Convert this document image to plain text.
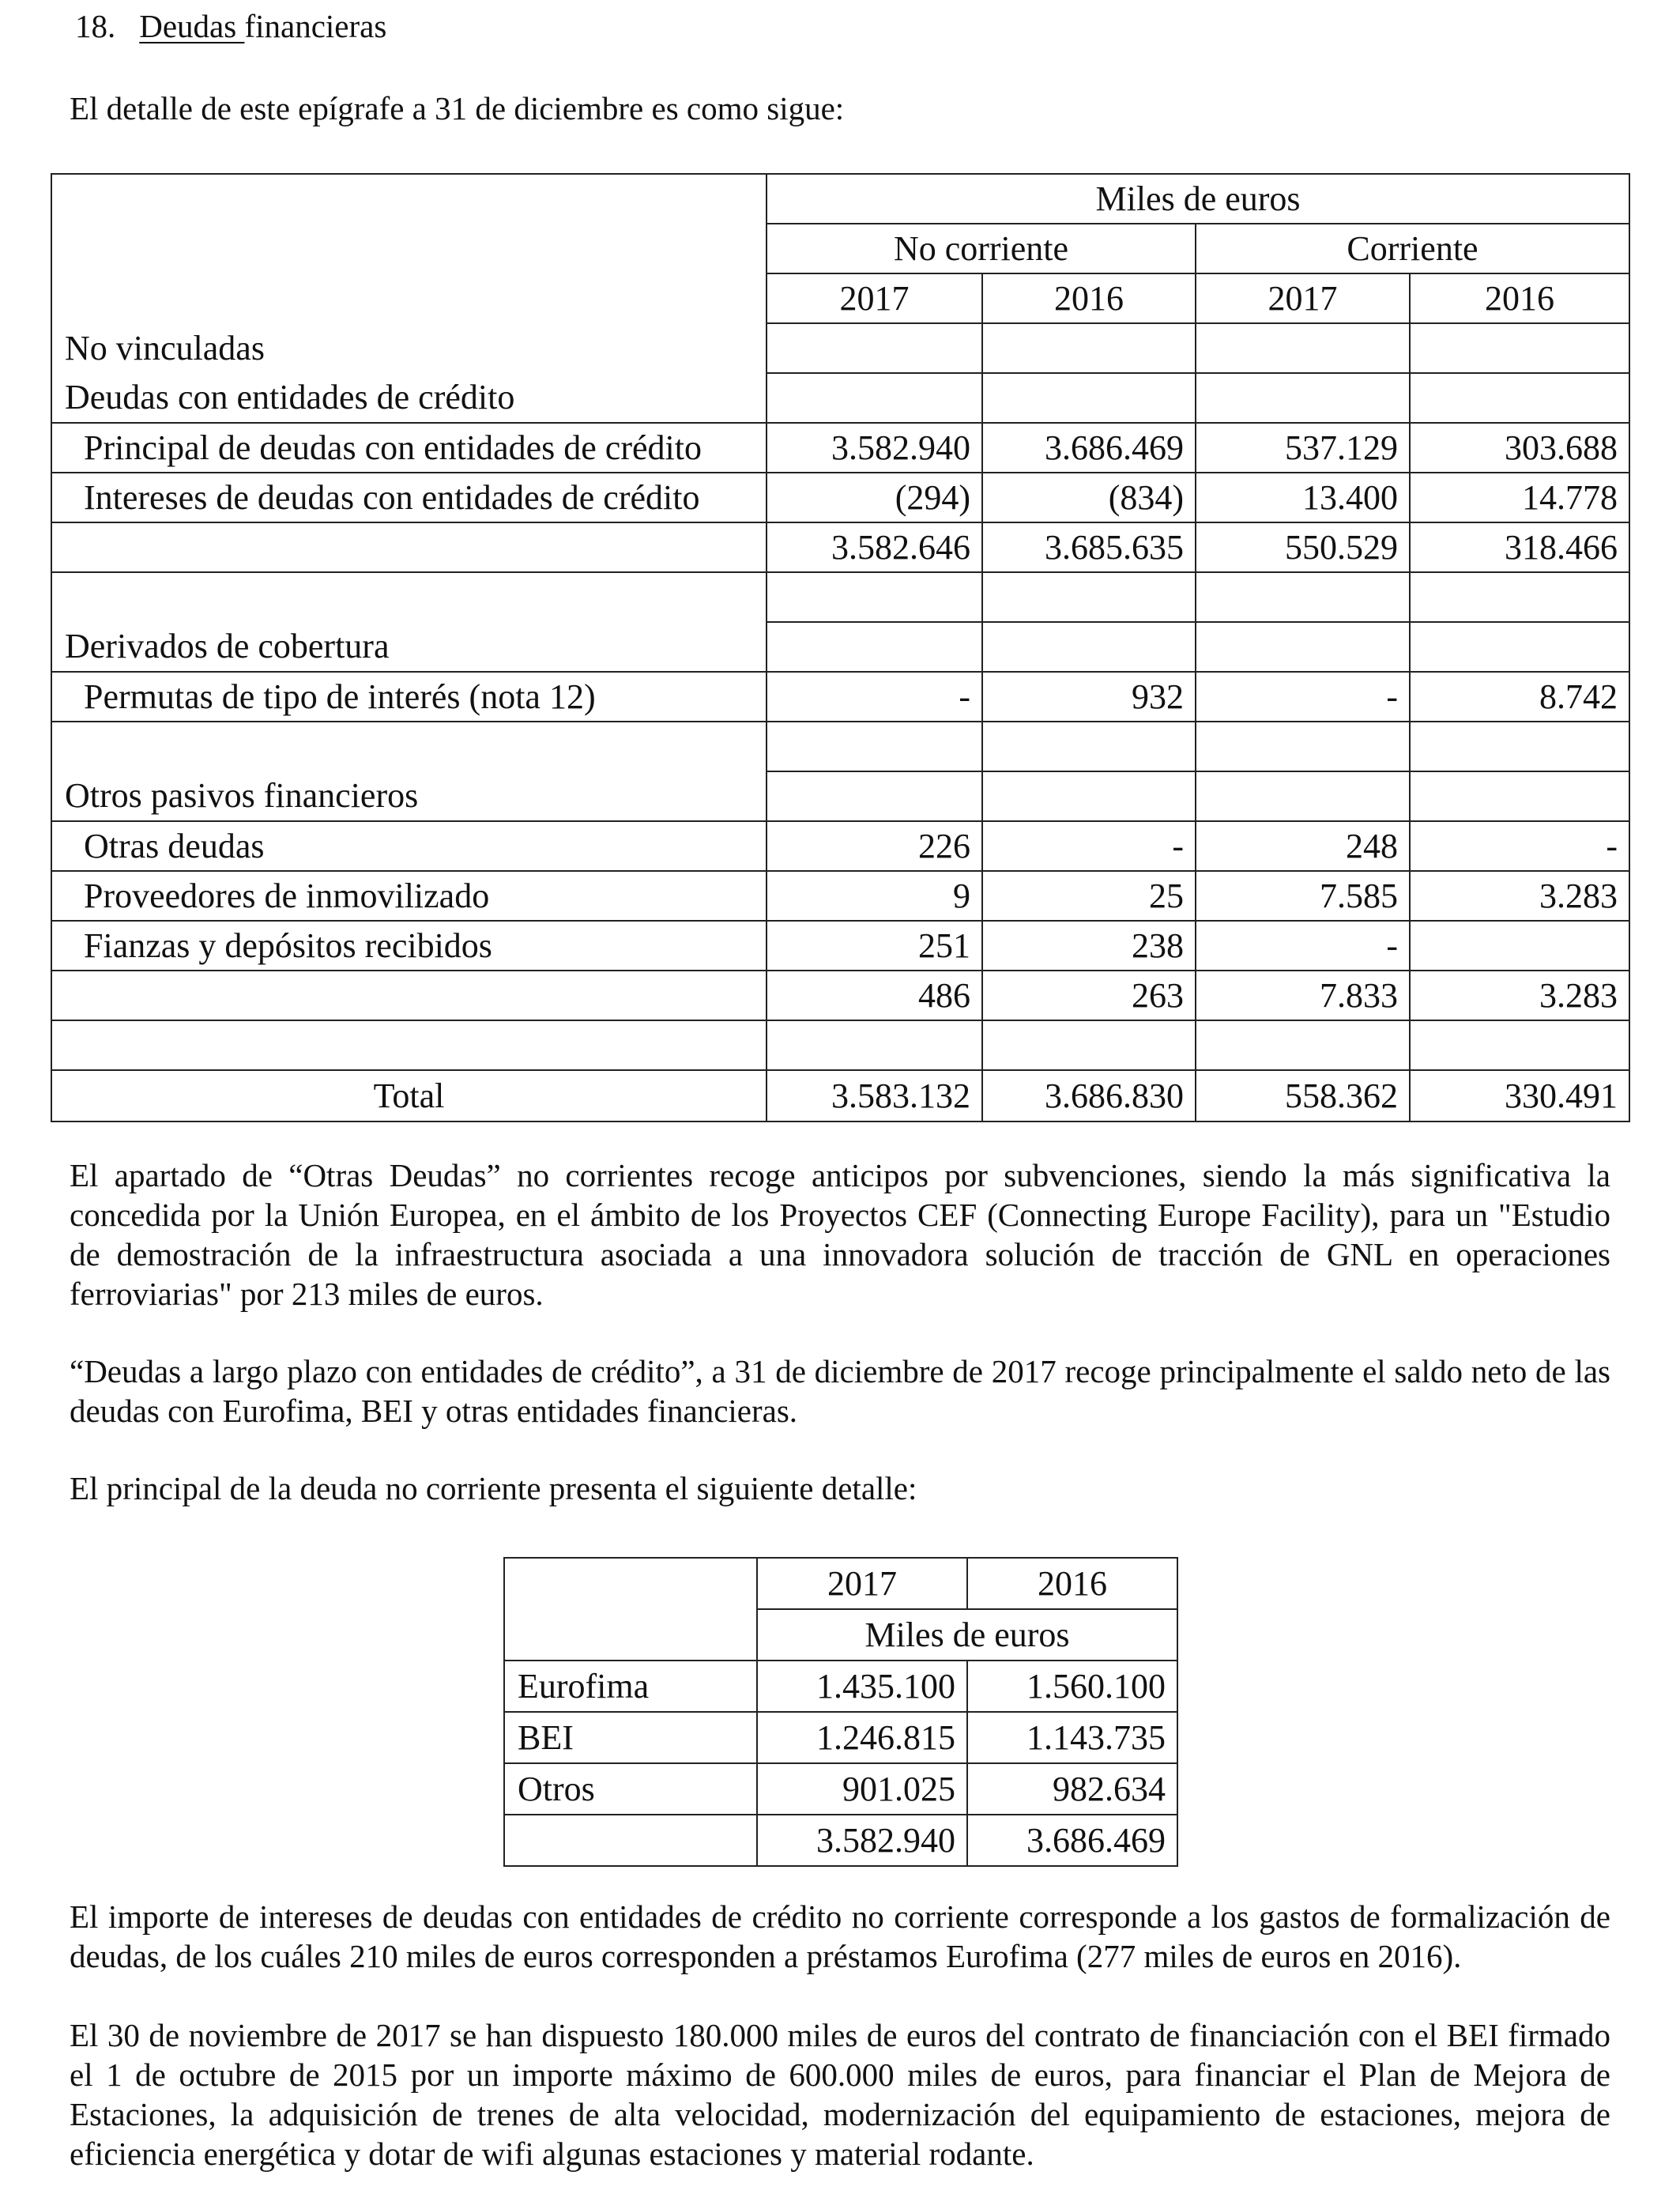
18. Deudas financieras
El detalle de este epígrafe a 31 de diciembre es como sigue:
	Miles de euros			
	No corriente		Corriente	
	2017	2016	2017	2016
No vinculadas				
Deudas con entidades de crédito				
Principal de deudas con entidades de crédito	3.582.940	3.686.469	537.129	303.688
Intereses de deudas con entidades de crédito	(294)	(834)	13.400	14.778
	3.582.646	3.685.635	550.529	318.466

Derivados de cobertura				
Permutas de tipo de interés (nota 12)	-	932	-	8.742

Otros pasivos financieros				
Otras deudas	226	-	248	-
Proveedores de inmovilizado	9	25	7.585	3.283
Fianzas y depósitos recibidos	251	238	-	
	486	263	7.833	3.283

Total	3.583.132	3.686.830	558.362	330.491

El apartado de “Otras Deudas” no corrientes recoge anticipos por subvenciones, siendo la más significativa la concedida por la Unión Europea, en el ámbito de los Proyectos CEF (Connecting Europe Facility), para un "Estudio de demostración de la infraestructura asociada a una innovadora solución de tracción de GNL en operaciones ferroviarias" por 213 miles de euros.

“Deudas a largo plazo con entidades de crédito”, a 31 de diciembre de 2017 recoge principalmente el saldo neto de las deudas con Eurofima, BEI y otras entidades financieras.

El principal de la deuda no corriente presenta el siguiente detalle:

	2017	2016
	Miles de euros	
Eurofima	1.435.100	1.560.100
BEI	1.246.815	1.143.735
Otros	901.025	982.634
	3.582.940	3.686.469

El importe de intereses de deudas con entidades de crédito no corriente corresponde a los gastos de formalización de deudas, de los cuáles 210 miles de euros corresponden a préstamos Eurofima (277 miles de euros en 2016).

El 30 de noviembre de 2017 se han dispuesto 180.000 miles de euros del contrato de financiación con el BEI firmado el 1 de octubre de 2015 por un importe máximo de 600.000 miles de euros, para financiar el Plan de Mejora de Estaciones, la adquisición de trenes de alta velocidad, modernización del equipamiento de estaciones, mejora de eficiencia energética y dotar de wifi algunas estaciones y material rodante.
